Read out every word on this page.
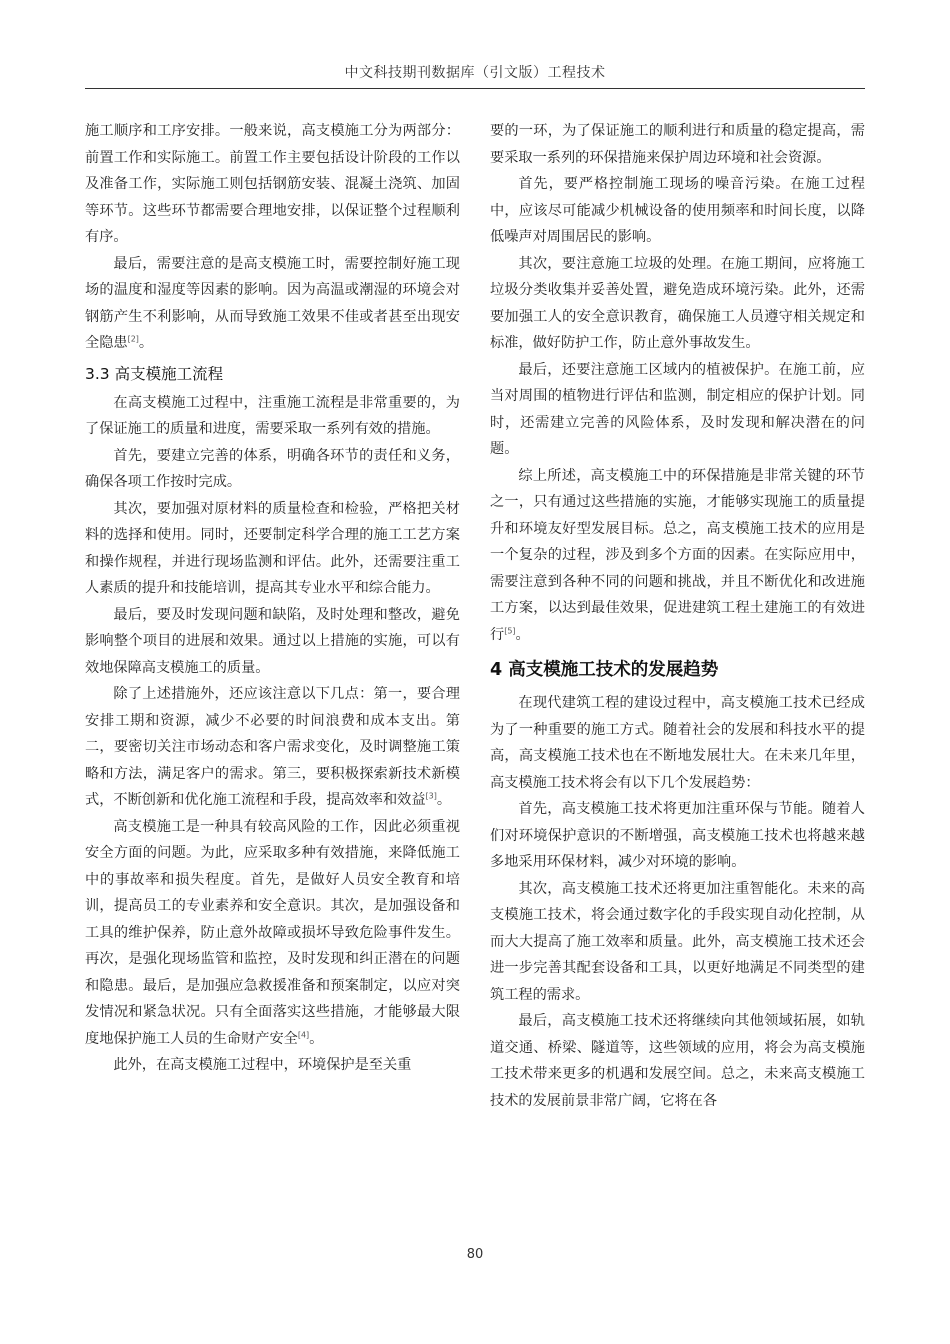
中文科技期刊数据库（引文版）工程技术

施工顺序和工序安排。一般来说，高支模施工分为两部分：前置工作和实际施工。前置工作主要包括设计阶段的工作以及准备工作，实际施工则包括钢筋安装、混凝土浇筑、加固等环节。这些环节都需要合理地安排，以保证整个过程顺利有序。

最后，需要注意的是高支模施工时，需要控制好施工现场的温度和湿度等因素的影响。因为高温或潮湿的环境会对钢筋产生不利影响，从而导致施工效果不佳或者甚至出现安全隐患[2]。

3.3 高支模施工流程

在高支模施工过程中，注重施工流程是非常重要的，为了保证施工的质量和进度，需要采取一系列有效的措施。

首先，要建立完善的体系，明确各环节的责任和义务，确保各项工作按时完成。

其次，要加强对原材料的质量检查和检验，严格把关材料的选择和使用。同时，还要制定科学合理的施工工艺方案和操作规程，并进行现场监测和评估。此外，还需要注重工人素质的提升和技能培训，提高其专业水平和综合能力。

最后，要及时发现问题和缺陷，及时处理和整改，避免影响整个项目的进展和效果。通过以上措施的实施，可以有效地保障高支模施工的质量。

除了上述措施外，还应该注意以下几点：第一，要合理安排工期和资源，减少不必要的时间浪费和成本支出。第二，要密切关注市场动态和客户需求变化，及时调整施工策略和方法，满足客户的需求。第三，要积极探索新技术新模式，不断创新和优化施工流程和手段，提高效率和效益[3]。

高支模施工是一种具有较高风险的工作，因此必须重视安全方面的问题。为此，应采取多种有效措施，来降低施工中的事故率和损失程度。首先，是做好人员安全教育和培训，提高员工的专业素养和安全意识。其次，是加强设备和工具的维护保养，防止意外故障或损坏导致危险事件发生。再次，是强化现场监管和监控，及时发现和纠正潜在的问题和隐患。最后，是加强应急救援准备和预案制定，以应对突发情况和紧急状况。只有全面落实这些措施，才能够最大限度地保护施工人员的生命财产安全[4]。

此外，在高支模施工过程中，环境保护是至关重

要的一环，为了保证施工的顺利进行和质量的稳定提高，需要采取一系列的环保措施来保护周边环境和社会资源。

首先，要严格控制施工现场的噪音污染。在施工过程中，应该尽可能减少机械设备的使用频率和时间长度，以降低噪声对周围居民的影响。

其次，要注意施工垃圾的处理。在施工期间，应将施工垃圾分类收集并妥善处置，避免造成环境污染。此外，还需要加强工人的安全意识教育，确保施工人员遵守相关规定和标准，做好防护工作，防止意外事故发生。

最后，还要注意施工区域内的植被保护。在施工前，应当对周围的植物进行评估和监测，制定相应的保护计划。同时，还需建立完善的风险体系，及时发现和解决潜在的问题。

综上所述，高支模施工中的环保措施是非常关键的环节之一，只有通过这些措施的实施，才能够实现施工的质量提升和环境友好型发展目标。总之，高支模施工技术的应用是一个复杂的过程，涉及到多个方面的因素。在实际应用中，需要注意到各种不同的问题和挑战，并且不断优化和改进施工方案，以达到最佳效果，促进建筑工程土建施工的有效进行[5]。

4 高支模施工技术的发展趋势

在现代建筑工程的建设过程中，高支模施工技术已经成为了一种重要的施工方式。随着社会的发展和科技水平的提高，高支模施工技术也在不断地发展壮大。在未来几年里，高支模施工技术将会有以下几个发展趋势：

首先，高支模施工技术将更加注重环保与节能。随着人们对环境保护意识的不断增强，高支模施工技术也将越来越多地采用环保材料，减少对环境的影响。

其次，高支模施工技术还将更加注重智能化。未来的高支模施工技术，将会通过数字化的手段实现自动化控制，从而大大提高了施工效率和质量。此外，高支模施工技术还会进一步完善其配套设备和工具，以更好地满足不同类型的建筑工程的需求。

最后，高支模施工技术还将继续向其他领域拓展，如轨道交通、桥梁、隧道等，这些领域的应用，将会为高支模施工技术带来更多的机遇和发展空间。总之，未来高支模施工技术的发展前景非常广阔，它将在各

80
